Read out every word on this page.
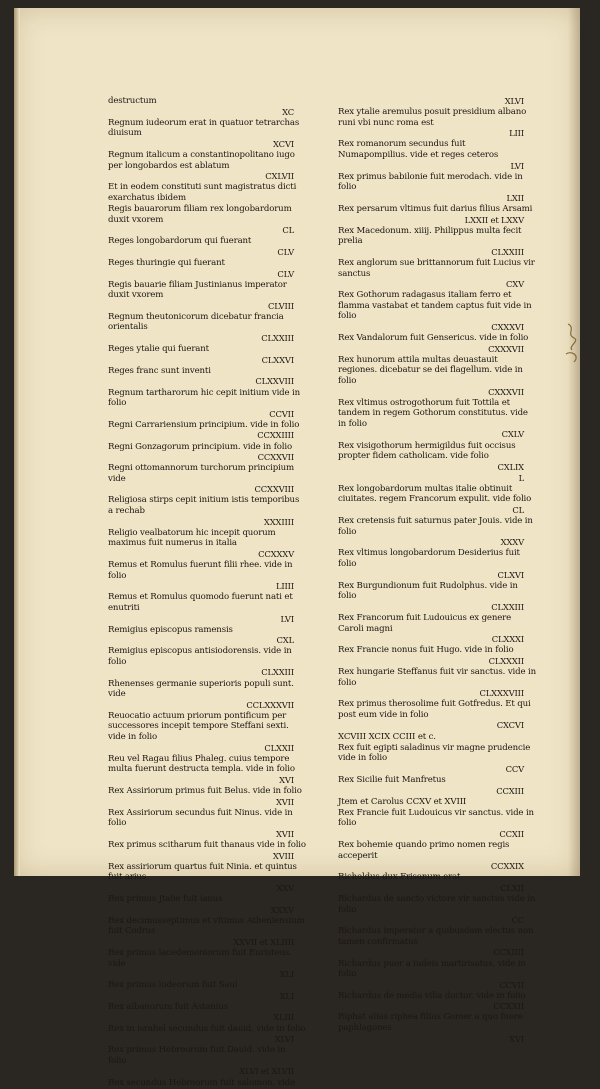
destructum
XC
Regnum iudeorum erat in quatuor tetrarchas diuisum
XCVI
Regnum italicum a constantinopolitano iugo per longobardos est ablatum
CXLVII
Et in eodem constituti sunt magistratus dicti exarchatus ibidem
Regis bauarorum filiam rex longobardorum duxit vxorem
CL
Reges longobardorum qui fuerant
CLV
Reges thuringie qui fuerant
CLV
Regis bauarie filiam Justinianus imperator duxit vxorem
CLVIII
Regnum theutonicorum dicebatur francia orientalis
CLXXIII
Reges ytalie qui fuerant
CLXXVI
Reges franc sunt inventi
CLXXVIII
Regnum tartharorum hic cepit initium vide in folio
CCVII
Regni Carrariensium principium. vide in folio
CCXXIIII
Regni Gonzagorum principium. vide in folio
CCXXVII
Regni ottomannorum turchorum principium vide
CCXXVIII
Religiosa stirps cepit initium istis temporibus a rechab
XXXIIII
Religio vealbatorum hic incepit quorum maximus fuit numerus in italia
CCXXXV
Remus et Romulus fuerunt filii rhee. vide in folio
LIIII
Remus et Romulus quomodo fuerunt nati et enutriti
LVI
Remigius episcopus ramensis
CXL
Remigius episcopus antisiodorensis. vide in folio
CLXXIII
Rhenenses germanie superioris populi sunt. vide
CCLXXXVII
Reuocatio actuum priorum pontificum per successores incepit tempore Steffani sexti. vide in folio
CLXXII
Reu vel Ragau filius Phaleg. cuius tempore multa fuerunt destructa templa. vide in folio
XVI
Rex Assiriorum primus fuit Belus. vide in folio
XVII
Rex Assiriorum secundus fuit Ninus. vide in folio
XVII
Rex primus scitharum fuit thanaus vide in folio
XVIII
Rex assiriorum quartus fuit Ninia. et quintus fuit arius
XXV
Rex primus Jtalie fuit ianus
XXXV
Rex decimusseptimus et vltimus Atheniensium fuit Codrus
XXVII et XLIIII
Rex primus lacedemoniorum fuit Euristeus. vide
XLI
Rex primus iudeorum fuit Saul
XLI
Rex albanorum fuit Astanius
XLIII
Rex in israhel secundus fuit dauid. vide in folio
XLVI
Rex primus Hebreorum fuit Dauid. vide in folio
XLVI et XLVII
Rex secundus Hebreorum fuit salomon. vide
XLVI
Rex ytalie aremulus posuit presidium albano runi vbi nunc roma est
LIII
Rex romanorum secundus fuit Numapompilius. vide et reges ceteros
LVI
Rex primus babilonie fuit merodach. vide in folio
LXII
Rex persarum vltimus fuit darius filius Arsami
LXXII et LXXV
Rex Macedonum. xiiij. Philippus multa fecit prelia
CLXXIII
Rex anglorum sue brittannorum fuit Lucius vir sanctus
CXV
Rex Gothorum radagasus italiam ferro et flamma vastabat et tandem captus fuit vide in folio
CXXXVI
Rex Vandalorum fuit Gensericus. vide in folio
CXXXVII
Rex hunorum attila multas deuastauit regiones. dicebatur se dei flagellum. vide in folio
CXXXVII
Rex vltimus ostrogothorum fuit Tottila et tandem in regem Gothorum constitutus. vide in folio
CXLV
Rex visigothorum hermigildus fuit occisus propter fidem catholicam. vide folio
CXLIX
L
Rex longobardorum multas italie obtinuit ciuitates. regem Francorum expulit. vide folio
CL
Rex cretensis fuit saturnus pater Jouis. vide in folio
XXXV
Rex vltimus longobardorum Desiderius fuit folio
CLXVI
Rex Burgundionum fuit Rudolphus. vide in folio
CLXXIII
Rex Francorum fuit Ludouicus ex genere Caroli magni
CLXXXI
Rex Francie nonus fuit Hugo. vide in folio
CLXXXII
Rex hungarie Steffanus fuit vir sanctus. vide in folio
CLXXXVIII
Rex primus therosolime fuit Gotfredus. Et qui post eum vide in folio
CXCVI
XCVIII XCIX CCIII et c.
Rex fuit egipti saladinus vir magne prudencie vide in folio
CCV
Rex Sicilie fuit Manfretus
CCXIII
Jtem et Carolus CCXV et XVIII
Rex Francie fuit Ludouicus vir sanctus. vide in folio
CCXII
Rex bohemie quando primo nomen regis acceperit
CCXXIX
Richoldus dux Frisonum erat
CLXII
Richardus de sancto victore vir sanctus vide in folio
CC
Richardus imperator a quibusdam electus non tamen confirmatus
CCXIIII
Richardus puer a iudeis martirisatus. vide in folio
CCVII
Richardus de media villa doctor. vide in folio
CCXXII
Riphat alias riphea filius Gomer a quo fuere paphlagones
XVI
